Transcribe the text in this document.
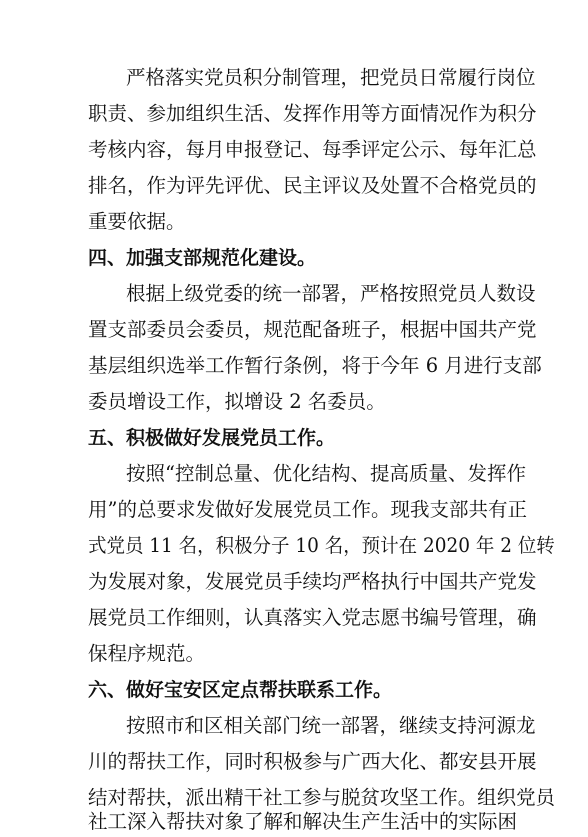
严格落实党员积分制管理，把党员日常履行岗位
职责、参加组织生活、发挥作用等方面情况作为积分
考核内容，每月申报登记、每季评定公示、每年汇总
排名，作为评先评优、民主评议及处置不合格党员的
重要依据。
四、加强支部规范化建设。
根据上级党委的统一部署，严格按照党员人数设
置支部委员会委员，规范配备班子，根据中国共产党
基层组织选举工作暂行条例，将于今年 6 月进行支部
委员增设工作，拟增设 2 名委员。
五、积极做好发展党员工作。
按照“控制总量、优化结构、提高质量、发挥作
用”的总要求发做好发展党员工作。现我支部共有正
式党员 11 名，积极分子 10 名，预计在 2020 年 2 位转
为发展对象，发展党员手续均严格执行中国共产党发
展党员工作细则，认真落实入党志愿书编号管理，确
保程序规范。
六、做好宝安区定点帮扶联系工作。
按照市和区相关部门统一部署，继续支持河源龙
川的帮扶工作，同时积极参与广西大化、都安县开展
结对帮扶，派出精干社工参与脱贫攻坚工作。组织党员
社工深入帮扶对象了解和解决生产生活中的实际困
